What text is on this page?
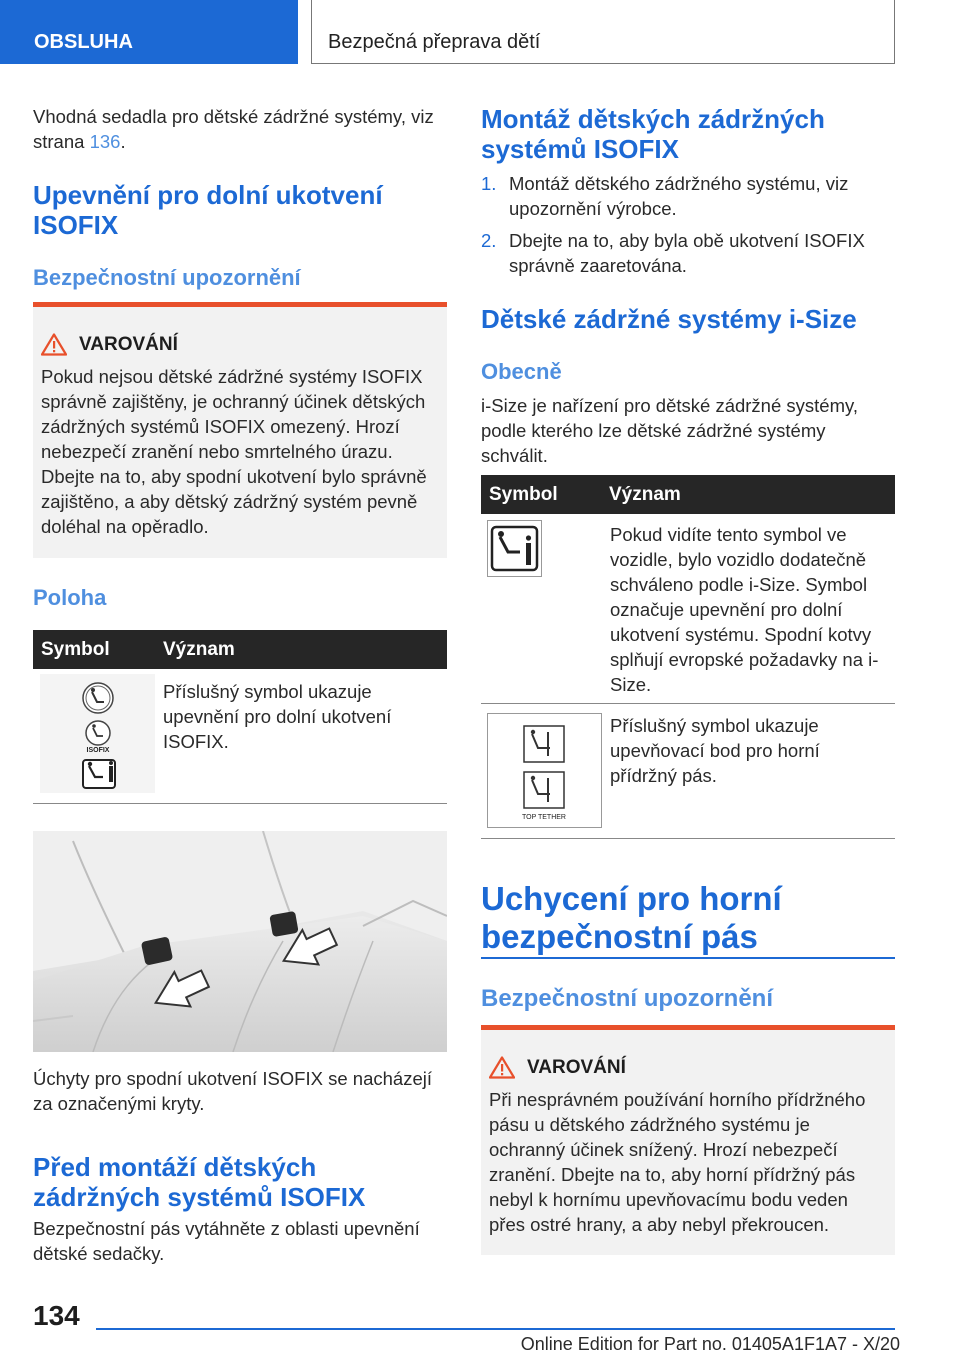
OBSLUHA	Bezpečná přeprava dětí
Vhodná sedadla pro dětské zádržné systémy, viz strana 136.
Upevnění pro dolní ukotvení ISOFIX
Bezpečnostní upozornění
VAROVÁNÍ
Pokud nejsou dětské zádržné systémy ISOFIX správně zajištěny, je ochranný účinek dětských zádržných systémů ISOFIX omezený. Hrozí nebezpečí zranění nebo smrtelného úrazu. Dbejte na to, aby spodní ukotvení bylo správně zajištěno, a aby dětský zádržný systém pevně doléhal na opěradlo.
Poloha
Symbol	Význam
ISOFIX
Příslušný symbol ukazuje upevnění pro dolní ukotvení ISOFIX.
Úchyty pro spodní ukotvení ISOFIX se nacházejí za označenými kryty.
Před montáží dětských zádržných systémů ISOFIX
Bezpečnostní pás vytáhněte z oblasti upevnění dětské sedačky.
Montáž dětských zádržných systémů ISOFIX
1. Montáž dětského zádržného systému, viz upozornění výrobce.
2. Dbejte na to, aby byla obě ukotvení ISOFIX správně zaaretována.
Dětské zádržné systémy i-Size
Obecně
i-Size je nařízení pro dětské zádržné systémy, podle kterého lze dětské zádržné systémy schválit.
Symbol	Význam
Pokud vidíte tento symbol ve vozidle, bylo vozidlo dodatečně schváleno podle i-Size. Symbol označuje upevnění pro dolní ukotvení systému. Spodní kotvy splňují evropské požadavky na i-Size.
TOP TETHER
Příslušný symbol ukazuje upevňovací bod pro horní přídržný pás.
Uchycení pro horní bezpečnostní pás
Bezpečnostní upozornění
VAROVÁNÍ
Při nesprávném používání horního přídržného pásu u dětského zádržného systému je ochranný účinek snížený. Hrozí nebezpečí zranění. Dbejte na to, aby horní přídržný pás nebyl k hornímu upevňovacímu bodu veden přes ostré hrany, a aby nebyl překroucen.
134
Online Edition for Part no. 01405A1F1A7 - X/20
